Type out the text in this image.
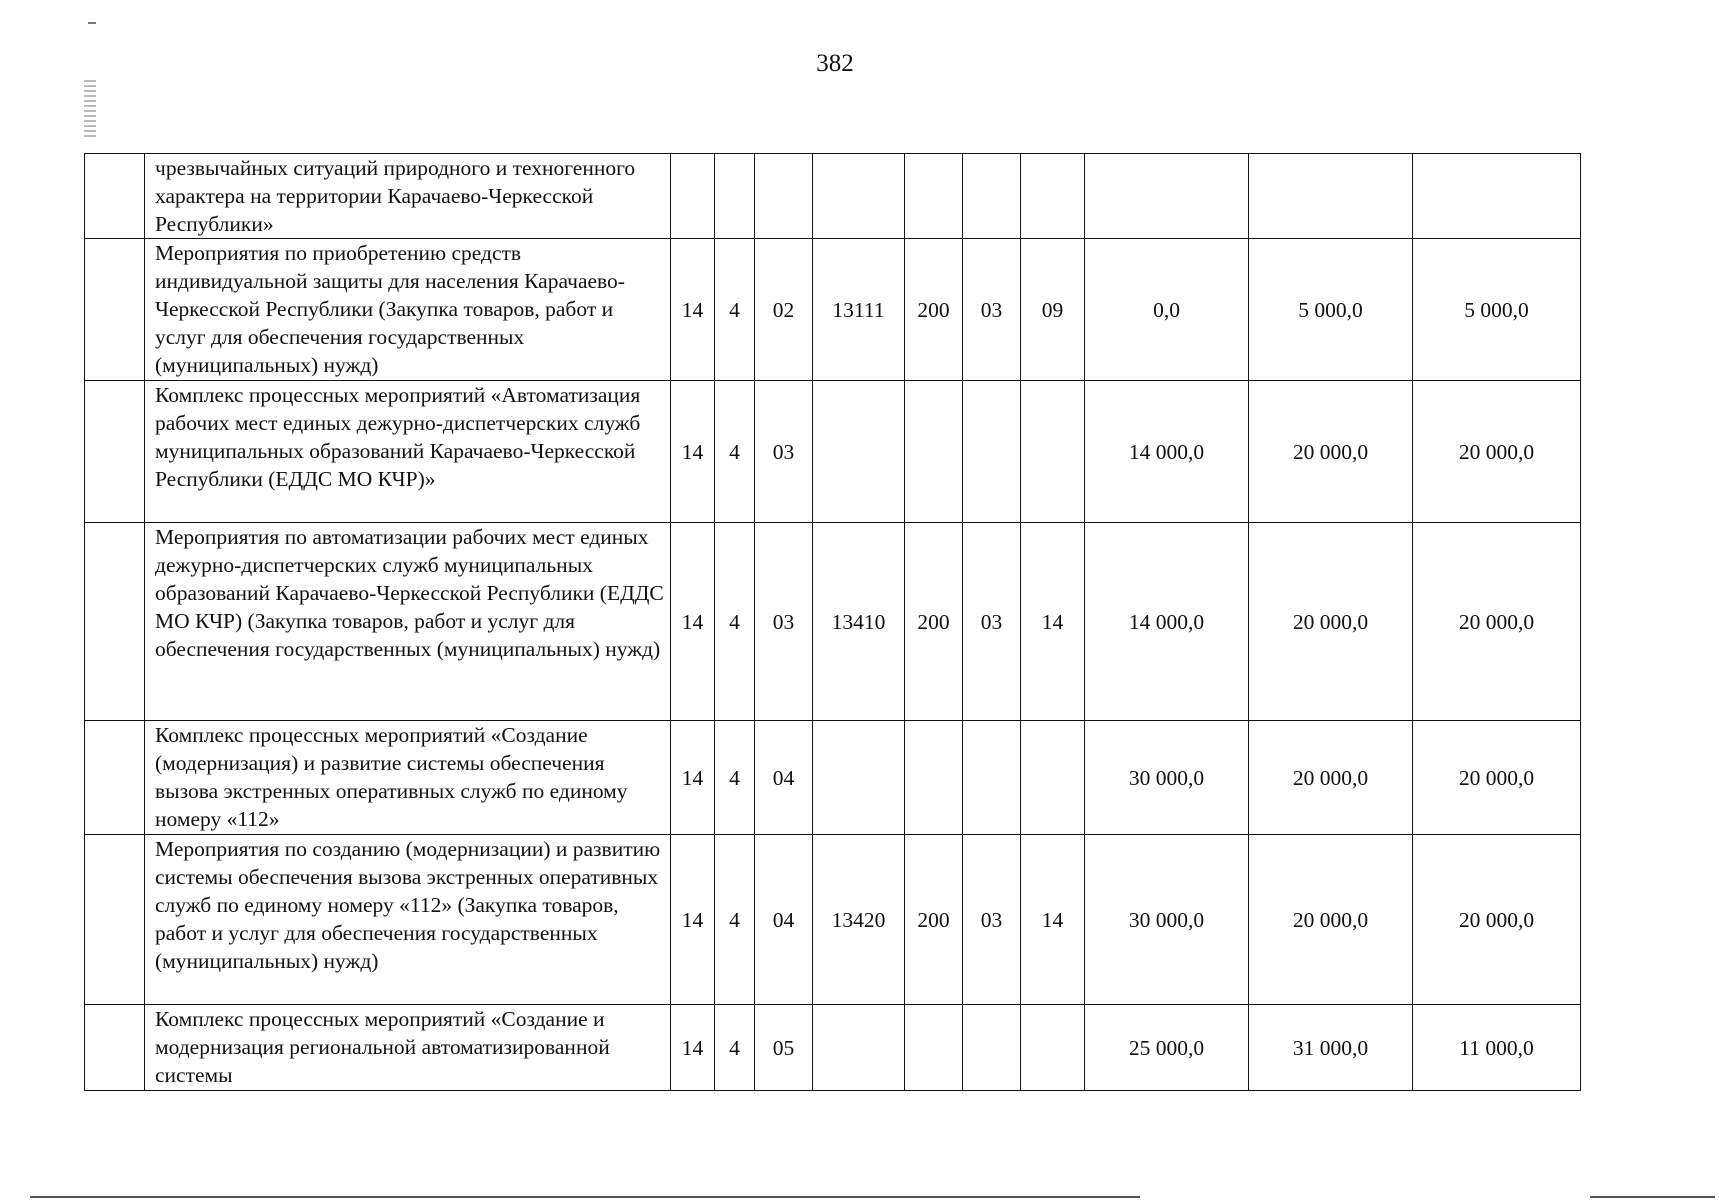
382
	чрезвычайных ситуаций природного и техногенного характера на территории Карачаево-Черкесской Республики»										
	Мероприятия по приобретению средств индивидуальной защиты для населения Карачаево-Черкесской Республики (Закупка товаров, работ и услуг для обеспечения государственных (муниципальных) нужд)	14	4	02	13111	200	03	09	0,0	5 000,0	5 000,0
	Комплекс процессных мероприятий «Автоматизация рабочих мест единых дежурно-диспетчерских служб муниципальных образований Карачаево-Черкесской Республики (ЕДДС МО КЧР)»	14	4	03					14 000,0	20 000,0	20 000,0
	Мероприятия по автоматизации рабочих мест единых дежурно-диспетчерских служб муниципальных образований Карачаево-Черкесской Республики (ЕДДС МО КЧР) (Закупка товаров, работ и услуг для обеспечения государственных (муниципальных) нужд)	14	4	03	13410	200	03	14	14 000,0	20 000,0	20 000,0
	Комплекс процессных мероприятий «Создание (модернизация) и развитие системы обеспечения вызова экстренных оперативных служб по единому номеру «112»	14	4	04					30 000,0	20 000,0	20 000,0
	Мероприятия по созданию (модернизации) и развитию системы обеспечения вызова экстренных оперативных служб по единому номеру «112» (Закупка товаров, работ и услуг для обеспечения государственных (муниципальных) нужд)	14	4	04	13420	200	03	14	30 000,0	20 000,0	20 000,0
	Комплекс процессных мероприятий «Создание и модернизация региональной автоматизированной системы	14	4	05					25 000,0	31 000,0	11 000,0
